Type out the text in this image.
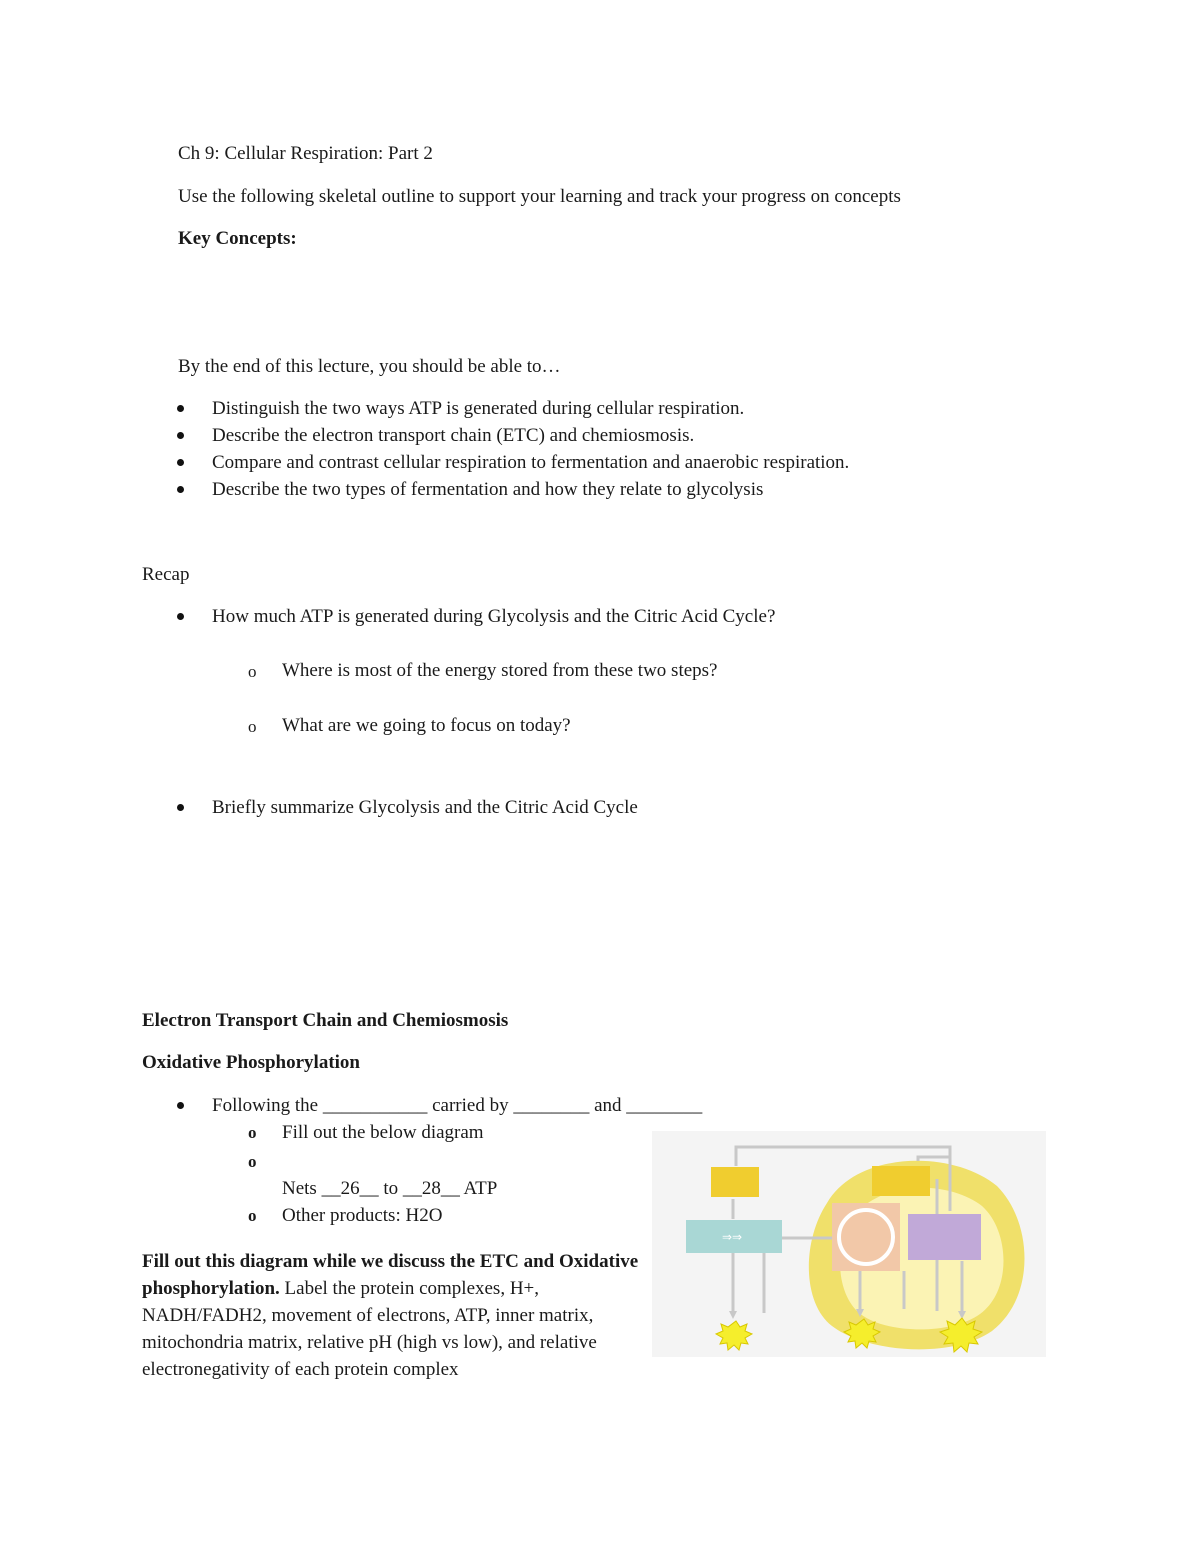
Ch 9: Cellular Respiration: Part 2
Use the following skeletal outline to support your learning and track your progress on concepts
Key Concepts:
By the end of this lecture, you should be able to…
Distinguish the two ways ATP is generated during cellular respiration.
Describe the electron transport chain (ETC) and chemiosmosis.
Compare and contrast cellular respiration to fermentation and anaerobic respiration.
Describe the two types of fermentation and how they relate to glycolysis
Recap
How much ATP is generated during Glycolysis and the Citric Acid Cycle?
o Where is most of the energy stored from these two steps?
o What are we going to focus on today?
Briefly summarize Glycolysis and the Citric Acid Cycle
Electron Transport Chain and Chemiosmosis
Oxidative Phosphorylation
Following the ___________ carried by ________ and ________
o Fill out the below diagram
o
Nets __26__ to __28__ ATP
o Other products: H2O
Fill out this diagram while we discuss the ETC and Oxidative phosphorylation. Label the protein complexes, H+, NADH/FADH2, movement of electrons, ATP, inner matrix, mitochondria matrix, relative pH (high vs low), and relative electronegativity of each protein complex
⇒⇒
